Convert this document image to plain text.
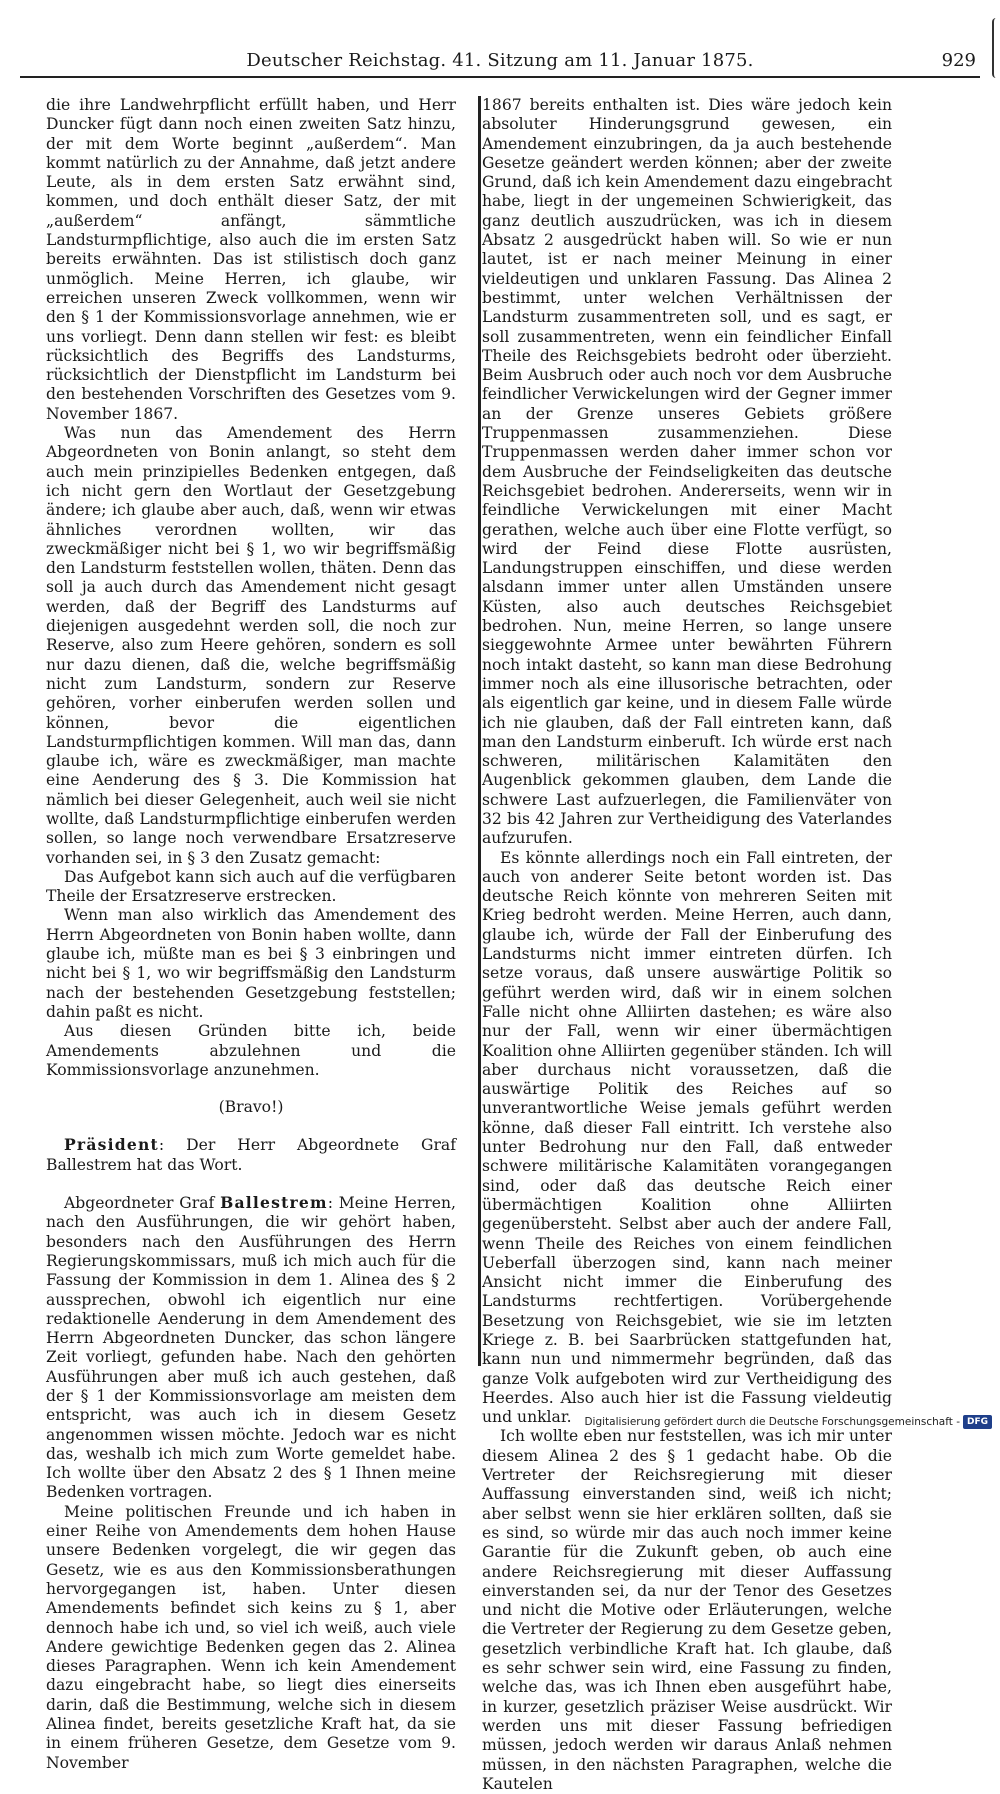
Deutscher Reichstag. 41. Sitzung am 11. Januar 1875.	929

die ihre Landwehrpflicht erfüllt haben, und Herr Duncker fügt dann noch einen zweiten Satz hinzu, der mit dem Worte beginnt „außerdem“. Man kommt natürlich zu der Annahme, daß jetzt andere Leute, als in dem ersten Satz erwähnt sind, kommen, und doch enthält dieser Satz, der mit „außerdem“ anfängt, sämmtliche Landsturmpflichtige, also auch die im ersten Satz bereits erwähnten. Das ist stilistisch doch ganz unmöglich. Meine Herren, ich glaube, wir erreichen unseren Zweck vollkommen, wenn wir den § 1 der Kommissionsvorlage annehmen, wie er uns vorliegt. Denn dann stellen wir fest: es bleibt rücksichtlich des Begriffs des Landsturms, rücksichtlich der Dienstpflicht im Landsturm bei den bestehenden Vorschriften des Gesetzes vom 9. November 1867.

Was nun das Amendement des Herrn Abgeordneten von Bonin anlangt, so steht dem auch mein prinzipielles Bedenken entgegen, daß ich nicht gern den Wortlaut der Gesetzgebung ändere; ich glaube aber auch, daß, wenn wir etwas ähnliches verordnen wollten, wir das zweckmäßiger nicht bei § 1, wo wir begriffsmäßig den Landsturm feststellen wollen, thäten. Denn das soll ja auch durch das Amendement nicht gesagt werden, daß der Begriff des Landsturms auf diejenigen ausgedehnt werden soll, die noch zur Reserve, also zum Heere gehören, sondern es soll nur dazu dienen, daß die, welche begriffsmäßig nicht zum Landsturm, sondern zur Reserve gehören, vorher einberufen werden sollen und können, bevor die eigentlichen Landsturmpflichtigen kommen. Will man das, dann glaube ich, wäre es zweckmäßiger, man machte eine Aenderung des § 3. Die Kommission hat nämlich bei dieser Gelegenheit, auch weil sie nicht wollte, daß Landsturmpflichtige einberufen werden sollen, so lange noch verwendbare Ersatzreserve vorhanden sei, in § 3 den Zusatz gemacht:

Das Aufgebot kann sich auch auf die verfügbaren Theile der Ersatzreserve erstrecken.

Wenn man also wirklich das Amendement des Herrn Abgeordneten von Bonin haben wollte, dann glaube ich, müßte man es bei § 3 einbringen und nicht bei § 1, wo wir begriffsmäßig den Landsturm nach der bestehenden Gesetzgebung feststellen; dahin paßt es nicht.

Aus diesen Gründen bitte ich, beide Amendements abzulehnen und die Kommissionsvorlage anzunehmen.

(Bravo!)

Präsident: Der Herr Abgeordnete Graf Ballestrem hat das Wort.

Abgeordneter Graf Ballestrem: Meine Herren, nach den Ausführungen, die wir gehört haben, besonders nach den Ausführungen des Herrn Regierungskommissars, muß ich mich auch für die Fassung der Kommission in dem 1. Alinea des § 2 aussprechen, obwohl ich eigentlich nur eine redaktionelle Aenderung in dem Amendement des Herrn Abgeordneten Duncker, das schon längere Zeit vorliegt, gefunden habe. Nach den gehörten Ausführungen aber muß ich auch gestehen, daß der § 1 der Kommissionsvorlage am meisten dem entspricht, was auch ich in diesem Gesetz angenommen wissen möchte. Jedoch war es nicht das, weshalb ich mich zum Worte gemeldet habe. Ich wollte über den Absatz 2 des § 1 Ihnen meine Bedenken vortragen.

Meine politischen Freunde und ich haben in einer Reihe von Amendements dem hohen Hause unsere Bedenken vorgelegt, die wir gegen das Gesetz, wie es aus den Kommissionsberathungen hervorgegangen ist, haben. Unter diesen Amendements befindet sich keins zu § 1, aber dennoch habe ich und, so viel ich weiß, auch viele Andere gewichtige Bedenken gegen das 2. Alinea dieses Paragraphen. Wenn ich kein Amendement dazu eingebracht habe, so liegt dies einerseits darin, daß die Bestimmung, welche sich in diesem Alinea findet, bereits gesetzliche Kraft hat, da sie in einem früheren Gesetze, dem Gesetze vom 9. November

1867 bereits enthalten ist. Dies wäre jedoch kein absoluter Hinderungsgrund gewesen, ein Amendement einzubringen, da ja auch bestehende Gesetze geändert werden können; aber der zweite Grund, daß ich kein Amendement dazu eingebracht habe, liegt in der ungemeinen Schwierigkeit, das ganz deutlich auszudrücken, was ich in diesem Absatz 2 ausgedrückt haben will. So wie er nun lautet, ist er nach meiner Meinung in einer vieldeutigen und unklaren Fassung. Das Alinea 2 bestimmt, unter welchen Verhältnissen der Landsturm zusammentreten soll, und es sagt, er soll zusammentreten, wenn ein feindlicher Einfall Theile des Reichsgebiets bedroht oder überzieht. Beim Ausbruch oder auch noch vor dem Ausbruche feindlicher Verwickelungen wird der Gegner immer an der Grenze unseres Gebiets größere Truppenmassen zusammenziehen. Diese Truppenmassen werden daher immer schon vor dem Ausbruche der Feindseligkeiten das deutsche Reichsgebiet bedrohen. Andererseits, wenn wir in feindliche Verwickelungen mit einer Macht gerathen, welche auch über eine Flotte verfügt, so wird der Feind diese Flotte ausrüsten, Landungstruppen einschiffen, und diese werden alsdann immer unter allen Umständen unsere Küsten, also auch deutsches Reichsgebiet bedrohen. Nun, meine Herren, so lange unsere sieggewohnte Armee unter bewährten Führern noch intakt dasteht, so kann man diese Bedrohung immer noch als eine illusorische betrachten, oder als eigentlich gar keine, und in diesem Falle würde ich nie glauben, daß der Fall eintreten kann, daß man den Landsturm einberuft. Ich würde erst nach schweren, militärischen Kalamitäten den Augenblick gekommen glauben, dem Lande die schwere Last aufzuerlegen, die Familienväter von 32 bis 42 Jahren zur Vertheidigung des Vaterlandes aufzurufen.

Es könnte allerdings noch ein Fall eintreten, der auch von anderer Seite betont worden ist. Das deutsche Reich könnte von mehreren Seiten mit Krieg bedroht werden. Meine Herren, auch dann, glaube ich, würde der Fall der Einberufung des Landsturms nicht immer eintreten dürfen. Ich setze voraus, daß unsere auswärtige Politik so geführt werden wird, daß wir in einem solchen Falle nicht ohne Alliirten dastehen; es wäre also nur der Fall, wenn wir einer übermächtigen Koalition ohne Alliirten gegenüber ständen. Ich will aber durchaus nicht voraussetzen, daß die auswärtige Politik des Reiches auf so unverantwortliche Weise jemals geführt werden könne, daß dieser Fall eintritt. Ich verstehe also unter Bedrohung nur den Fall, daß entweder schwere militärische Kalamitäten vorangegangen sind, oder daß das deutsche Reich einer übermächtigen Koalition ohne Alliirten gegenübersteht. Selbst aber auch der andere Fall, wenn Theile des Reiches von einem feindlichen Ueberfall überzogen sind, kann nach meiner Ansicht nicht immer die Einberufung des Landsturms rechtfertigen. Vorübergehende Besetzung von Reichsgebiet, wie sie im letzten Kriege z. B. bei Saarbrücken stattgefunden hat, kann nun und nimmermehr begründen, daß das ganze Volk aufgeboten wird zur Vertheidigung des Heerdes. Also auch hier ist die Fassung vieldeutig und unklar.

Ich wollte eben nur feststellen, was ich mir unter diesem Alinea 2 des § 1 gedacht habe. Ob die Vertreter der Reichsregierung mit dieser Auffassung einverstanden sind, weiß ich nicht; aber selbst wenn sie hier erklären sollten, daß sie es sind, so würde mir das auch noch immer keine Garantie für die Zukunft geben, ob auch eine andere Reichsregierung mit dieser Auffassung einverstanden sei, da nur der Tenor des Gesetzes und nicht die Motive oder Erläuterungen, welche die Vertreter der Regierung zu dem Gesetze geben, gesetzlich verbindliche Kraft hat. Ich glaube, daß es sehr schwer sein wird, eine Fassung zu finden, welche das, was ich Ihnen eben ausgeführt habe, in kurzer, gesetzlich präziser Weise ausdrückt. Wir werden uns mit dieser Fassung befriedigen müssen, jedoch werden wir daraus Anlaß nehmen müssen, in den nächsten Paragraphen, welche die Kautelen

Digitalisierung gefördert durch die Deutsche Forschungsgemeinschaft - DFG
